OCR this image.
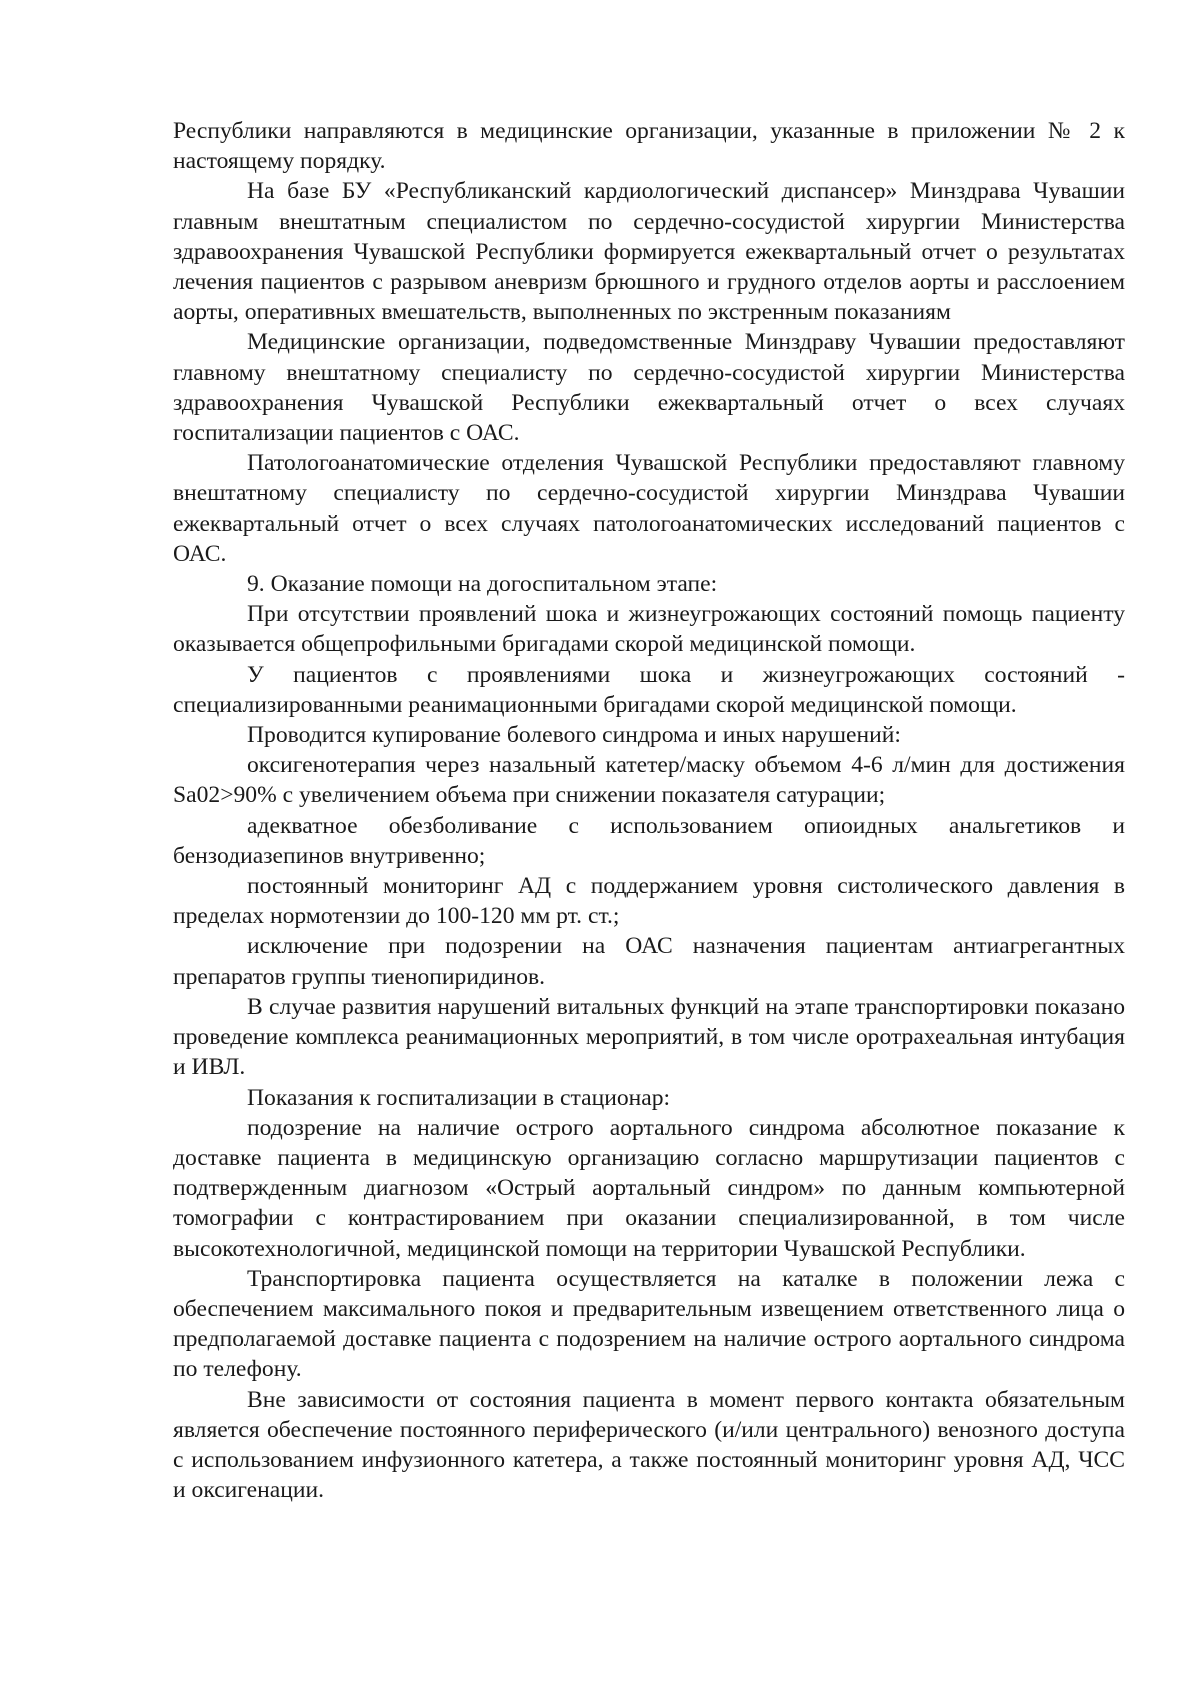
Республики направляются в медицинские организации, указанные в приложении № 2 к настоящему порядку.

На базе БУ «Республиканский кардиологический диспансер» Минздрава Чувашии главным внештатным специалистом по сердечно-сосудистой хирургии Министерства здравоохранения Чувашской Республики формируется ежеквартальный отчет о результатах лечения пациентов с разрывом аневризм брюшного и грудного отделов аорты и расслоением аорты, оперативных вмешательств, выполненных по экстренным показаниям

Медицинские организации, подведомственные Минздраву Чувашии предоставляют главному внештатному специалисту по сердечно-сосудистой хирургии Министерства здравоохранения Чувашской Республики ежеквартальный отчет о всех случаях госпитализации пациентов с ОАС.

Патологоанатомические отделения Чувашской Республики предоставляют главному внештатному специалисту по сердечно-сосудистой хирургии Минздрава Чувашии ежеквартальный отчет о всех случаях патологоанатомических исследований пациентов с ОАС.

9. Оказание помощи на догоспитальном этапе:

При отсутствии проявлений шока и жизнеугрожающих состояний помощь пациенту оказывается общепрофильными бригадами скорой медицинской помощи.

У пациентов с проявлениями шока и жизнеугрожающих состояний - специализированными реанимационными бригадами скорой медицинской помощи.

Проводится купирование болевого синдрома и иных нарушений:

оксигенотерапия через назальный катетер/маску объемом 4-6 л/мин для достижения Sa02>90% с увеличением объема при снижении показателя сатурации;

адекватное обезболивание с использованием опиоидных анальгетиков и бензодиазепинов внутривенно;

постоянный мониторинг АД с поддержанием уровня систолического давления в пределах нормотензии до 100-120 мм рт. ст.;

исключение при подозрении на ОАС назначения пациентам антиагрегантных препаратов группы тиенопиридинов.

В случае развития нарушений витальных функций на этапе транспортировки показано проведение комплекса реанимационных мероприятий, в том числе оротрахеальная интубация и ИВЛ.

Показания к госпитализации в стационар:

подозрение на наличие острого аортального синдрома абсолютное показание к доставке пациента в медицинскую организацию согласно маршрутизации пациентов с подтвержденным диагнозом «Острый аортальный синдром» по данным компьютерной томографии с контрастированием при оказании специализированной, в том числе высокотехнологичной, медицинской помощи на территории Чувашской Республики.

Транспортировка пациента осуществляется на каталке в положении лежа с обеспечением максимального покоя и предварительным извещением ответственного лица о предполагаемой доставке пациента с подозрением на наличие острого аортального синдрома по телефону.

Вне зависимости от состояния пациента в момент первого контакта обязательным является обеспечение постоянного периферического (и/или центрального) венозного доступа с использованием инфузионного катетера, а также постоянный мониторинг уровня АД, ЧСС и оксигенации.
